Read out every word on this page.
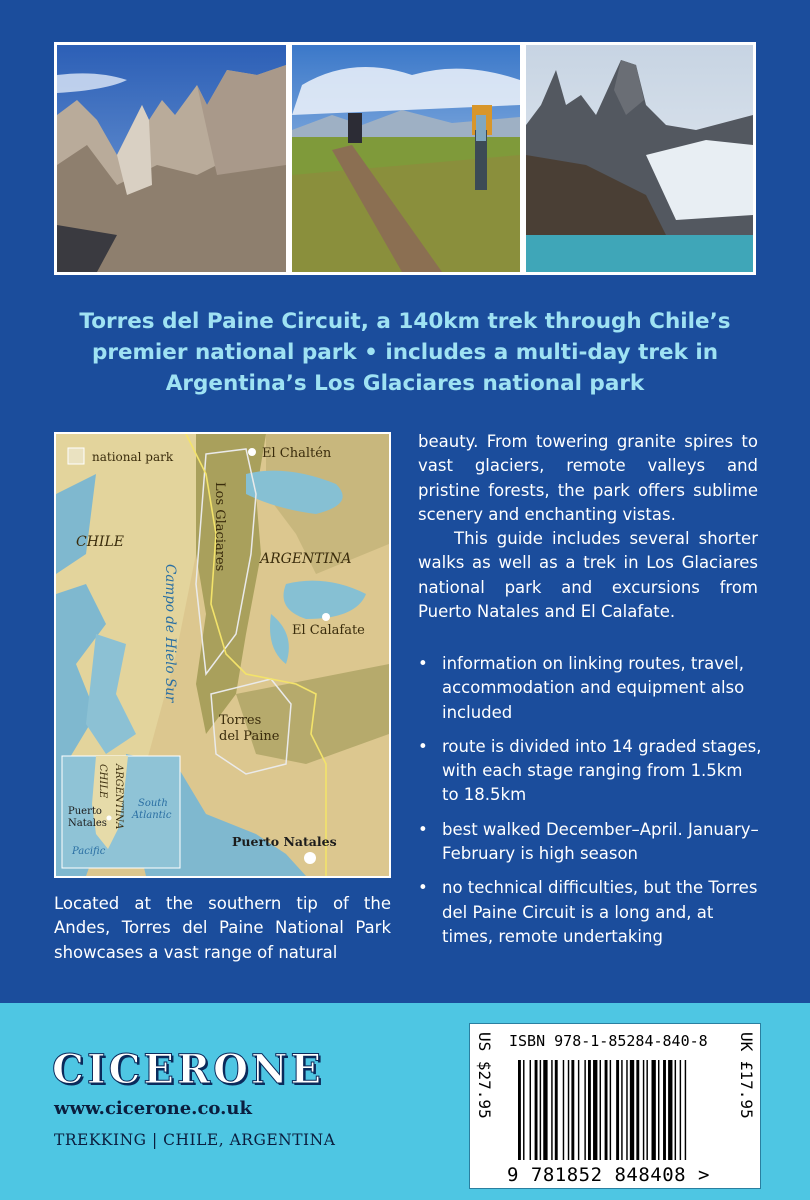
Torres del Paine Circuit, a 140km trek through Chile’s premier national park • includes a multi-day trek in Argentina’s Los Glaciares national park
national park	El Chaltén
Los Glaciares
CHILE
ARGENTINA
Campo de Hielo Sur	El Calafate
Torres
del Paine
Puerto Natales
CHILE ARGENTINA
Puerto
Natales
South
Atlantic
Pacific
Located at the southern tip of the Andes, Torres del Paine National Park showcases a vast range of natural

beauty. From towering granite spires to vast glaciers, remote valleys and pristine forests, the park offers sublime scenery and enchanting vistas.

This guide includes several shorter walks as well as a trek in Los Glaciares national park and excursions from Puerto Natales and El Calafate.

• information on linking routes, travel, accommodation and equipment also included
• route is divided into 14 graded stages, with each stage ranging from 1.5km to 18.5km
• best walked December–April. January–February is high season
• no technical difficulties, but the Torres del Paine Circuit is a long and, at times, remote undertaking
CICERONE
www.cicerone.co.uk
TREKKING | CHILE, ARGENTINA
US $27.95 ISBN 978-1-85284-840-8 UK £17.95
9 781852 848408 >
